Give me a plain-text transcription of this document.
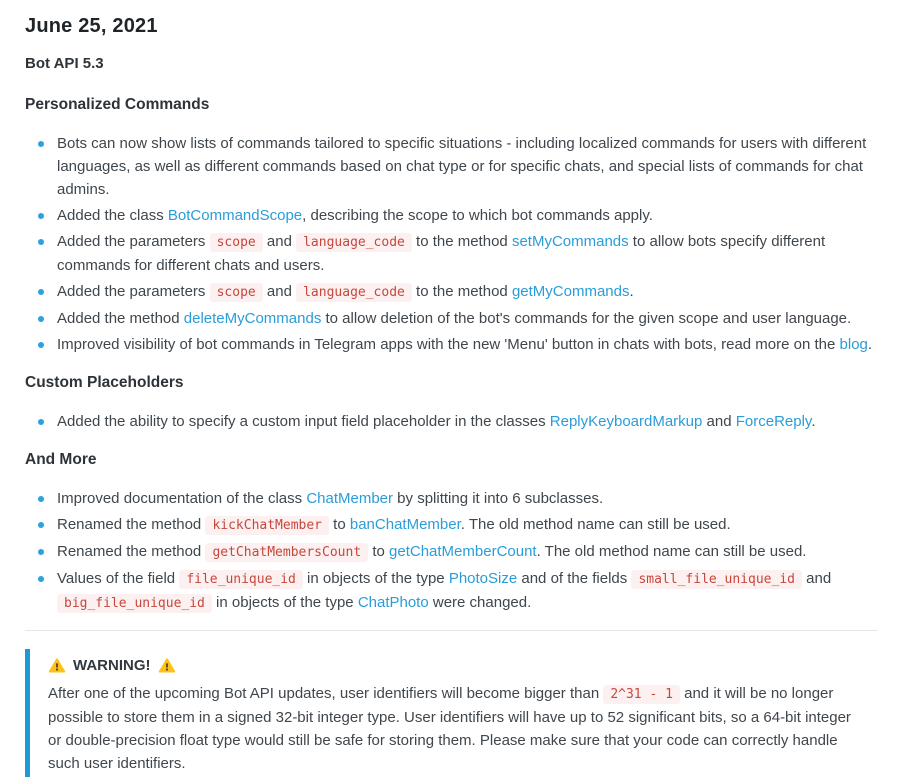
June 25, 2021
Bot API 5.3
Personalized Commands
Bots can now show lists of commands tailored to specific situations - including localized commands for users with different languages, as well as different commands based on chat type or for specific chats, and special lists of commands for chat admins.
Added the class BotCommandScope, describing the scope to which bot commands apply.
Added the parameters scope and language_code to the method setMyCommands to allow bots specify different commands for different chats and users.
Added the parameters scope and language_code to the method getMyCommands.
Added the method deleteMyCommands to allow deletion of the bot's commands for the given scope and user language.
Improved visibility of bot commands in Telegram apps with the new 'Menu' button in chats with bots, read more on the blog.
Custom Placeholders
Added the ability to specify a custom input field placeholder in the classes ReplyKeyboardMarkup and ForceReply.
And More
Improved documentation of the class ChatMember by splitting it into 6 subclasses.
Renamed the method kickChatMember to banChatMember. The old method name can still be used.
Renamed the method getChatMembersCount to getChatMemberCount. The old method name can still be used.
Values of the field file_unique_id in objects of the type PhotoSize and of the fields small_file_unique_id and big_file_unique_id in objects of the type ChatPhoto were changed.

WARNING!

After one of the upcoming Bot API updates, user identifiers will become bigger than 2^31 - 1 and it will be no longer possible to store them in a signed 32-bit integer type. User identifiers will have up to 52 significant bits, so a 64-bit integer or double-precision float type would still be safe for storing them. Please make sure that your code can correctly handle such user identifiers.
